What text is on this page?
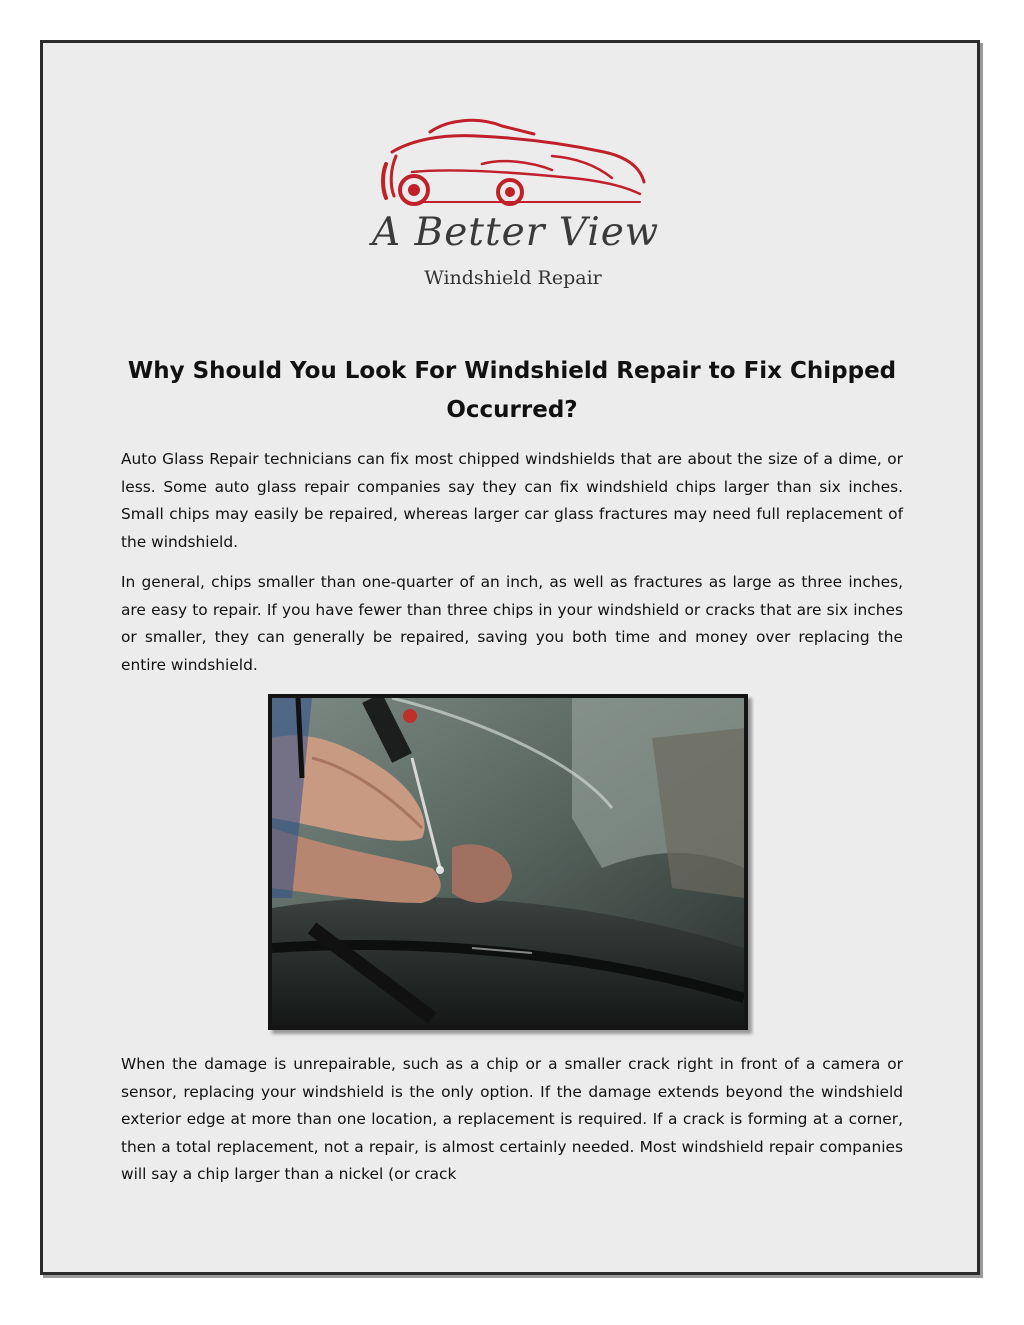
A Better View
Windshield Repair
Why Should You Look For Windshield Repair to Fix Chipped Occurred?

Auto Glass Repair technicians can fix most chipped windshields that are about the size of a dime, or less. Some auto glass repair companies say they can fix windshield chips larger than six inches. Small chips may easily be repaired, whereas larger car glass fractures may need full replacement of the windshield.

In general, chips smaller than one-quarter of an inch, as well as fractures as large as three inches, are easy to repair. If you have fewer than three chips in your windshield or cracks that are six inches or smaller, they can generally be repaired, saving you both time and money over replacing the entire windshield.

When the damage is unrepairable, such as a chip or a smaller crack right in front of a camera or sensor, replacing your windshield is the only option. If the damage extends beyond the windshield exterior edge at more than one location, a replacement is required. If a crack is forming at a corner, then a total replacement, not a repair, is almost certainly needed. Most windshield repair companies will say a chip larger than a nickel (or crack
